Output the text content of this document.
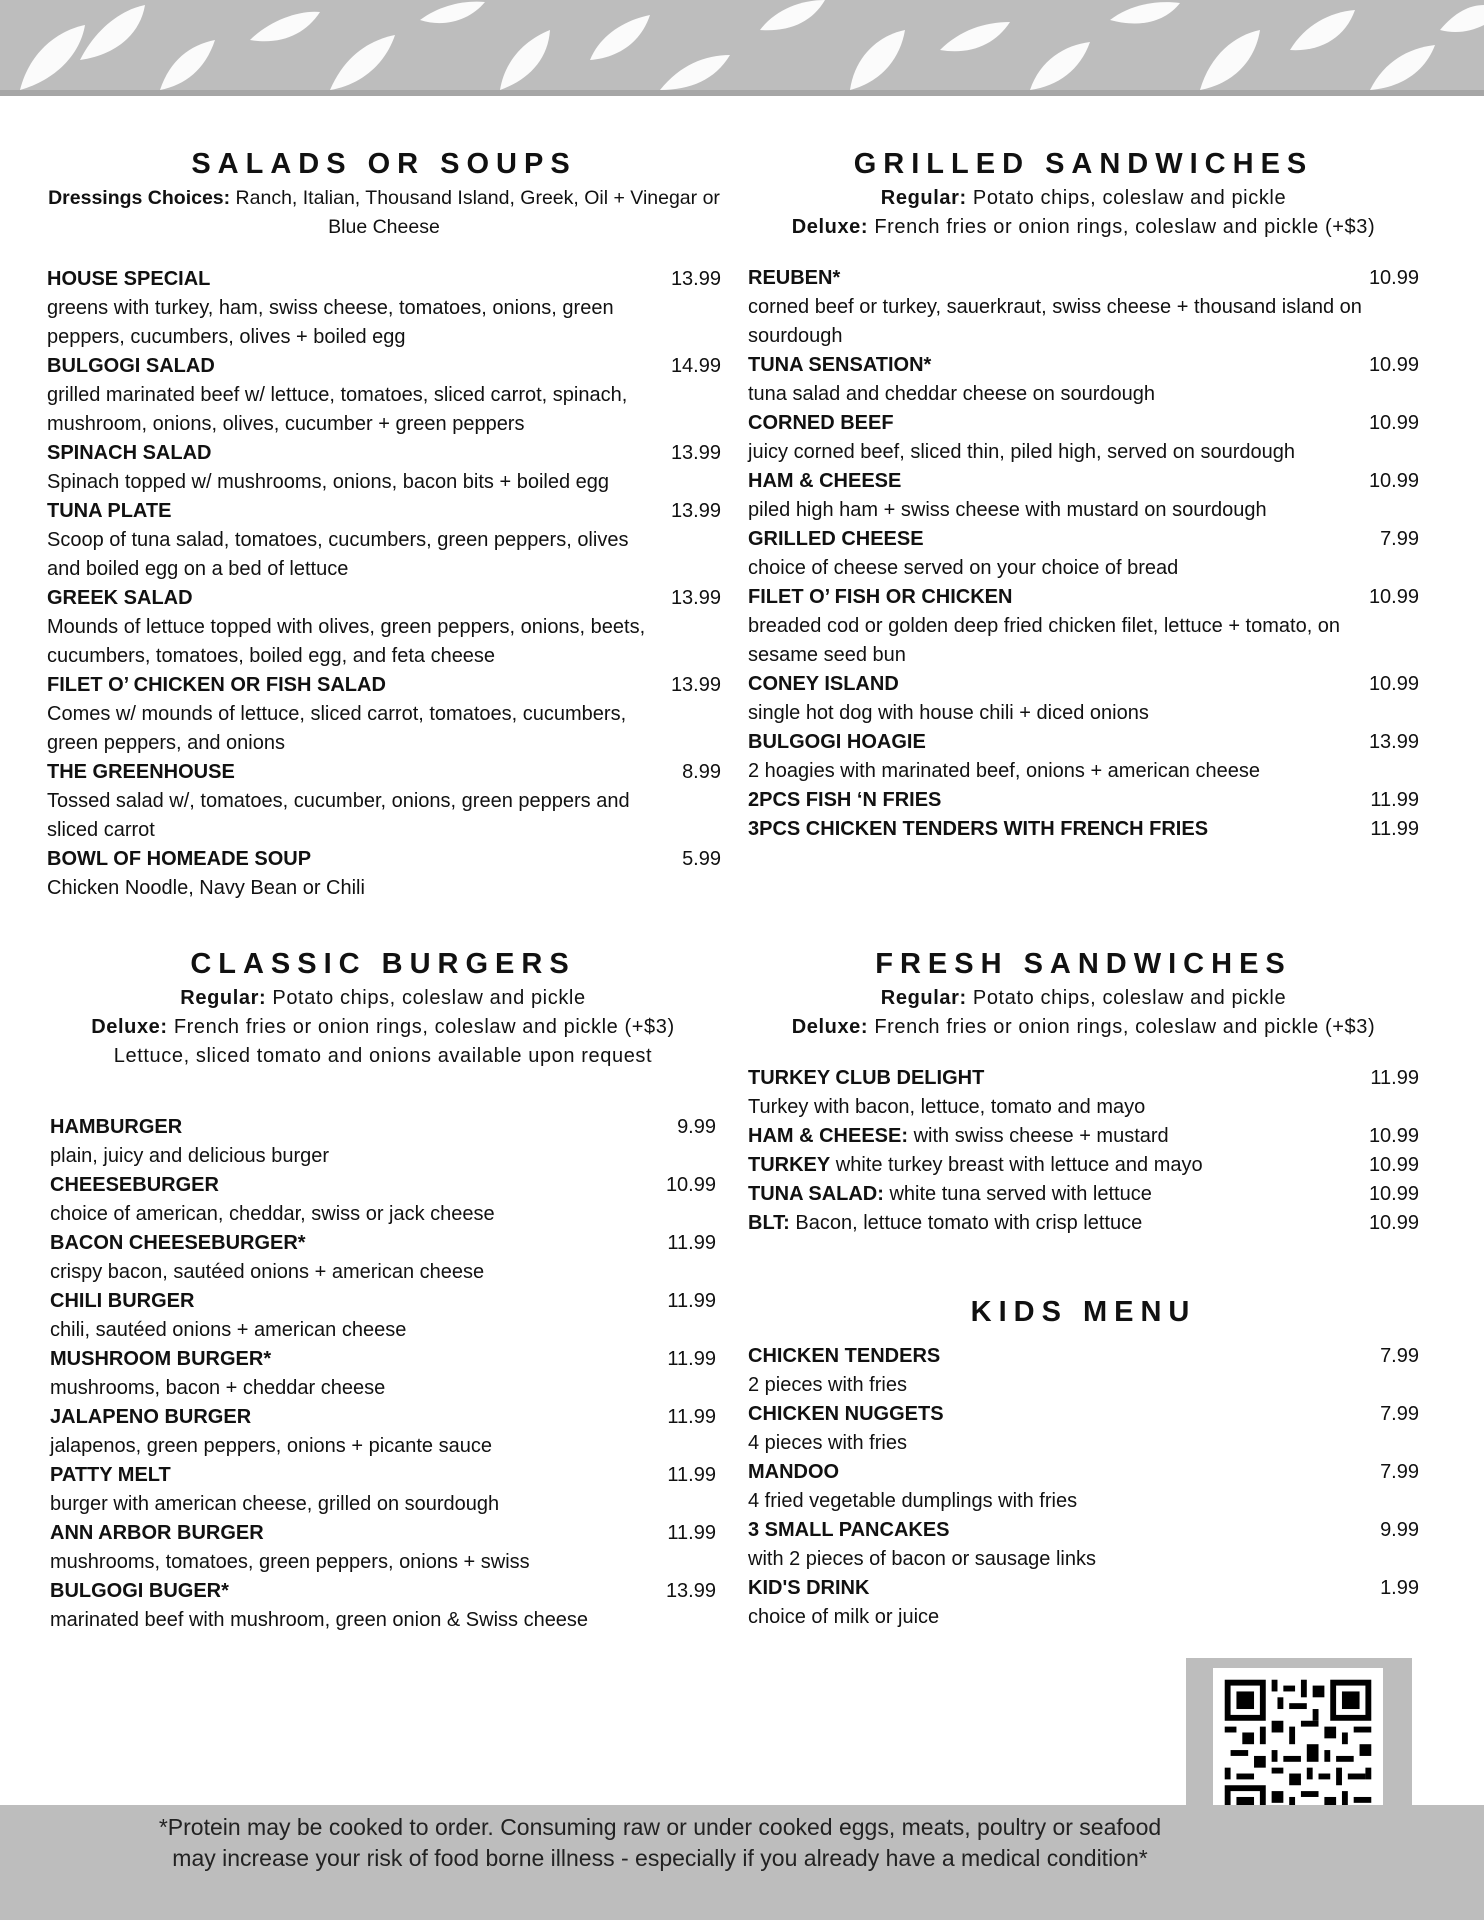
SALADS OR SOUPS
Dressings Choices: Ranch, Italian, Thousand Island, Greek, Oil + Vinegar or Blue Cheese
HOUSE SPECIAL	13.99
greens with turkey, ham, swiss cheese, tomatoes, onions, green peppers, cucumbers, olives + boiled egg
BULGOGI SALAD	14.99
grilled marinated beef w/ lettuce, tomatoes, sliced carrot, spinach, mushroom, onions, olives, cucumber + green peppers
SPINACH SALAD	13.99
Spinach topped w/ mushrooms, onions, bacon bits + boiled egg
TUNA PLATE	13.99
Scoop of tuna salad, tomatoes, cucumbers, green peppers, olives and boiled egg on a bed of lettuce
GREEK SALAD	13.99
Mounds of lettuce topped with olives, green peppers, onions, beets, cucumbers, tomatoes, boiled egg, and feta cheese
FILET O’ CHICKEN OR FISH SALAD	13.99
Comes w/ mounds of lettuce, sliced carrot, tomatoes, cucumbers, green peppers, and onions
THE GREENHOUSE	8.99
Tossed salad w/, tomatoes, cucumber, onions, green peppers and sliced carrot
BOWL OF HOMEADE SOUP	5.99
Chicken Noodle, Navy Bean or Chili
GRILLED SANDWICHES
Regular: Potato chips, coleslaw and pickle
Deluxe: French fries or onion rings, coleslaw and pickle (+$3)
REUBEN*	10.99
corned beef or turkey, sauerkraut, swiss cheese + thousand island on sourdough
TUNA SENSATION*	10.99
tuna salad and cheddar cheese on sourdough
CORNED BEEF	10.99
juicy corned beef, sliced thin, piled high, served on sourdough
HAM & CHEESE	10.99
piled high ham + swiss cheese with mustard on sourdough
GRILLED CHEESE	7.99
choice of cheese served on your choice of bread
FILET O’ FISH OR CHICKEN	10.99
breaded cod or golden deep fried chicken filet, lettuce + tomato, on sesame seed bun
CONEY ISLAND	10.99
single hot dog with house chili + diced onions
BULGOGI HOAGIE	13.99
2 hoagies with marinated beef, onions + american cheese
2PCS FISH ‘N FRIES	11.99
3PCS CHICKEN TENDERS WITH FRENCH FRIES	11.99
CLASSIC BURGERS
Regular: Potato chips, coleslaw and pickle
Deluxe: French fries or onion rings, coleslaw and pickle (+$3)
Lettuce, sliced tomato and onions available upon request
HAMBURGER	9.99
plain, juicy and delicious burger
CHEESEBURGER	10.99
choice of american, cheddar, swiss or jack cheese
BACON CHEESEBURGER*	11.99
crispy bacon, sautéed onions + american cheese
CHILI BURGER	11.99
chili, sautéed onions + american cheese
MUSHROOM BURGER*	11.99
mushrooms, bacon + cheddar cheese
JALAPENO BURGER	11.99
jalapenos, green peppers, onions + picante sauce
PATTY MELT	11.99
burger with american cheese, grilled on sourdough
ANN ARBOR BURGER	11.99
mushrooms, tomatoes, green peppers, onions + swiss
BULGOGI BUGER*	13.99
marinated beef with mushroom, green onion & Swiss cheese
FRESH SANDWICHES
Regular: Potato chips, coleslaw and pickle
Deluxe: French fries or onion rings, coleslaw and pickle (+$3)
TURKEY CLUB DELIGHT	11.99
Turkey with bacon, lettuce, tomato and mayo
HAM & CHEESE: with swiss cheese + mustard	10.99
TURKEY white turkey breast with lettuce and mayo	10.99
TUNA SALAD: white tuna served with lettuce	10.99
BLT: Bacon, lettuce tomato with crisp lettuce	10.99
KIDS MENU
CHICKEN TENDERS	7.99
2 pieces with fries
CHICKEN NUGGETS	7.99
4 pieces with fries
MANDOO	7.99
4 fried vegetable dumplings with fries
3 SMALL PANCAKES	9.99
with 2 pieces of bacon or sausage links
KID'S DRINK	1.99
choice of milk or juice
*Protein may be cooked to order. Consuming raw or under cooked eggs, meats, poultry or seafood
may increase your risk of food borne illness - especially if you already have a medical condition*
